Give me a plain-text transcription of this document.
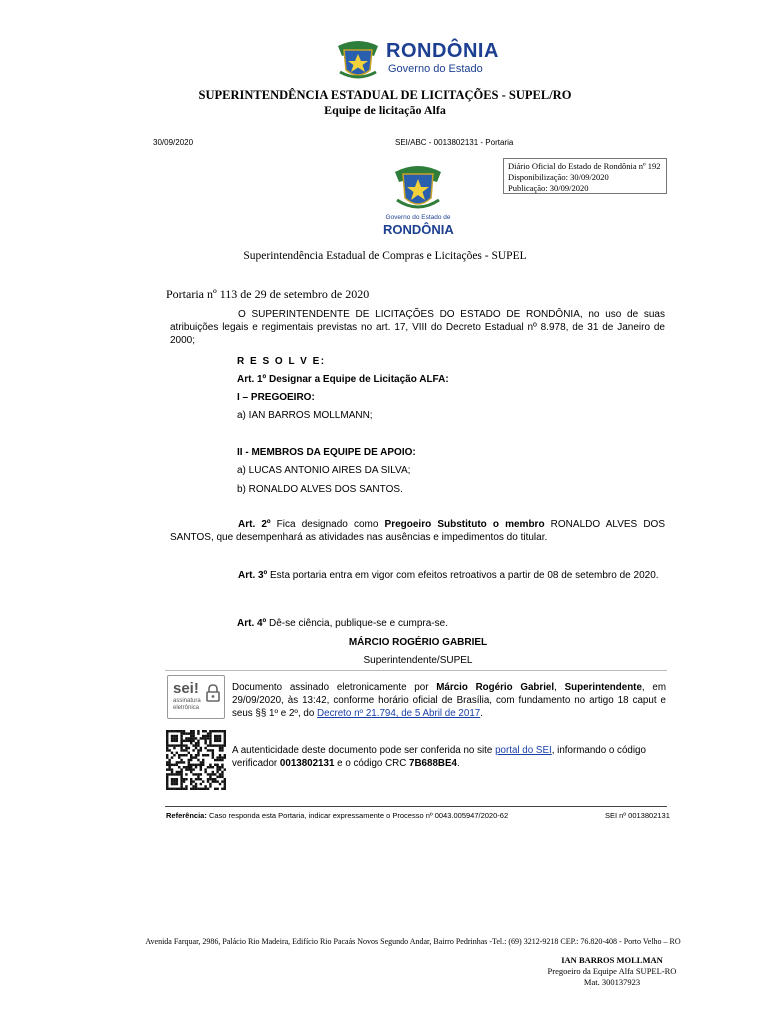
RONDÔNIA
Governo do Estado
SUPERINTENDÊNCIA ESTADUAL DE LICITAÇÕES - SUPEL/RO
Equipe de licitação Alfa
30/09/2020	SEI/ABC - 0013802131 - Portaria
Diário Oficial do Estado de Rondônia nº 192
Disponibilização: 30/09/2020
Publicação: 30/09/2020
Governo do Estado de
RONDÔNIA
Superintendência Estadual de Compras e Licitações - SUPEL
Portaria nº 113 de 29 de setembro de 2020
O SUPERINTENDENTE DE LICITAÇÕES DO ESTADO DE RONDÔNIA, no uso de suas atribuições legais e regimentais previstas no art. 17, VIII do Decreto Estadual nº 8.978, de 31 de Janeiro de 2000;
R E S O L V E:
Art. 1º Designar a Equipe de Licitação ALFA:
I – PREGOEIRO:
a) IAN BARROS MOLLMANN;
II - MEMBROS DA EQUIPE DE APOIO:
a) LUCAS ANTONIO AIRES DA SILVA;
b) RONALDO ALVES DOS SANTOS.
Art. 2º Fica designado como Pregoeiro Substituto o membro RONALDO ALVES DOS SANTOS, que desempenhará as atividades nas ausências e impedimentos do titular.
Art. 3º Esta portaria entra em vigor com efeitos retroativos a partir de 08 de setembro de 2020.
Art. 4º Dê-se ciência, publique-se e cumpra-se.
MÁRCIO ROGÉRIO GABRIEL
Superintendente/SUPEL
sei!
assinatura
eletrônica
Documento assinado eletronicamente por Márcio Rogério Gabriel, Superintendente, em 29/09/2020, às 13:42, conforme horário oficial de Brasília, com fundamento no artigo 18 caput e seus §§ 1º e 2º, do Decreto nº 21.794, de 5 Abril de 2017.
A autenticidade deste documento pode ser conferida no site portal do SEI, informando o código verificador 0013802131 e o código CRC 7B688BE4.
Referência: Caso responda esta Portaria, indicar expressamente o Processo nº 0043.005947/2020-62	SEI nº 0013802131
Avenida Farquar, 2986, Palácio Rio Madeira, Edifício Rio Pacaás Novos Segundo Andar, Bairro Pedrinhas -Tel.: (69) 3212-9218 CEP.: 76.820-408 - Porto Velho – RO
IAN BARROS MOLLMAN
Pregoeiro da Equipe Alfa SUPEL-RO
Mat. 300137923
